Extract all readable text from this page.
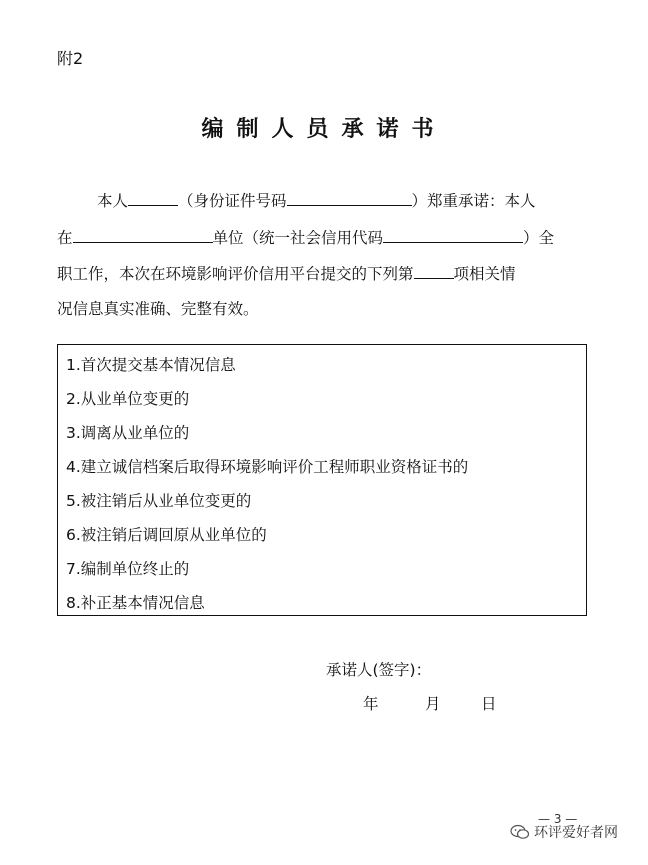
附2
编制人员承诺书
本人	（身份证件号码	）郑重承诺：本人
在	单位（统一社会信用代码	）全
职工作，本次在环境影响评价信用平台提交的下列第	项相关情
况信息真实准确、完整有效。
1.首次提交基本情况信息
2.从业单位变更的
3.调离从业单位的
4.建立诚信档案后取得环境影响评价工程师职业资格证书的
5.被注销后从业单位变更的
6.被注销后调回原从业单位的
7.编制单位终止的
8.补正基本情况信息
承诺人(签字)：
年	月	日
— 3 —
环评爱好者网
